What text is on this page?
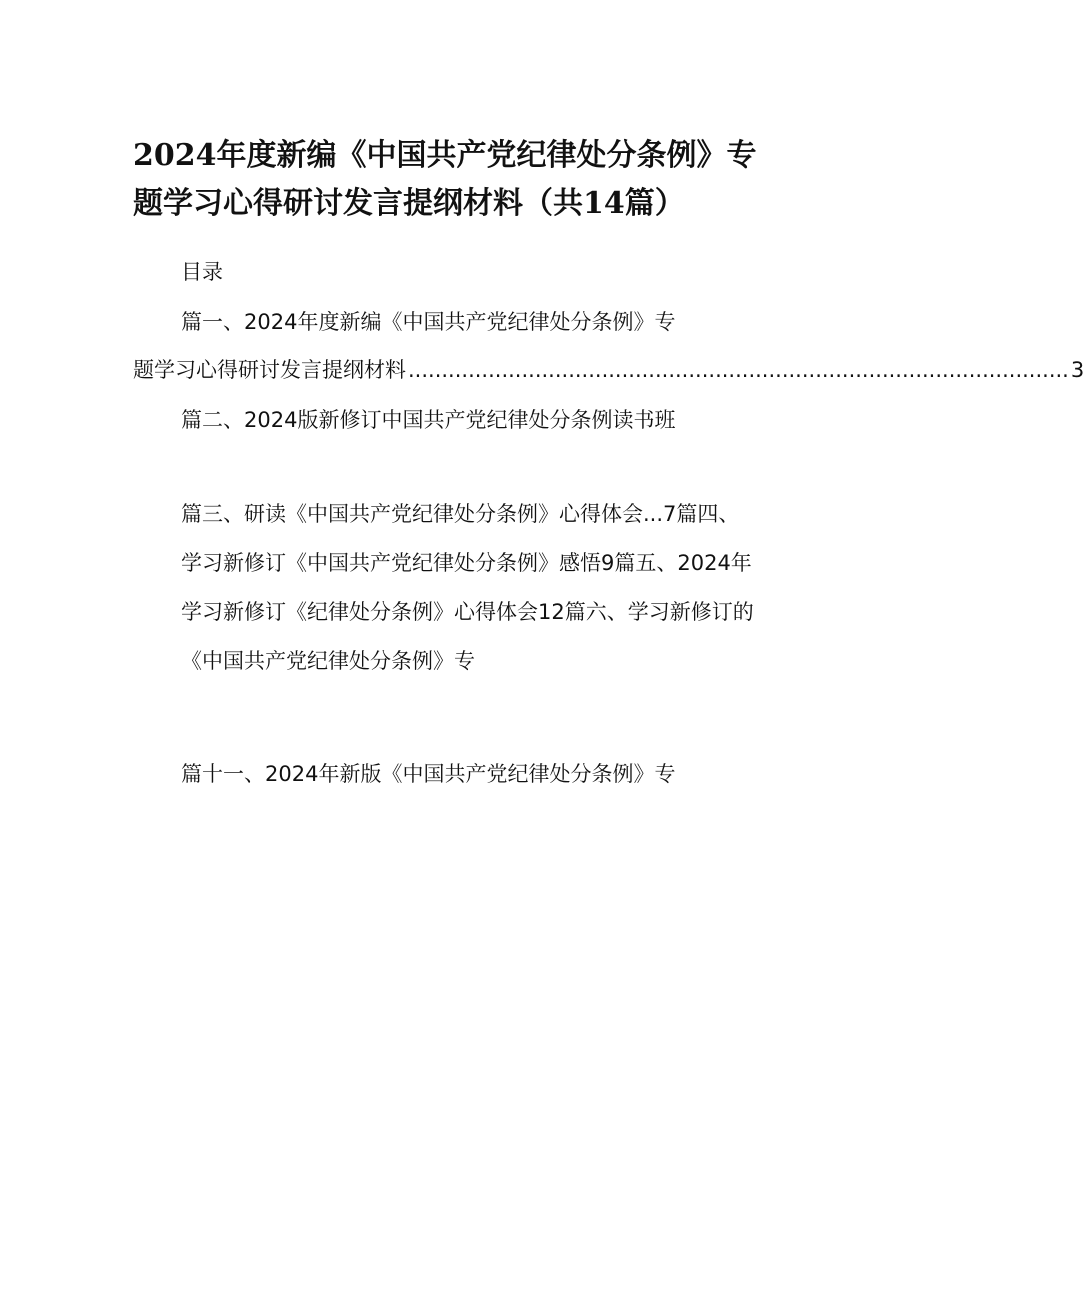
2024年度新编《中国共产党纪律处分条例》专
题学习心得研讨发言提纲材料（共14篇）

目录

篇一、2024年度新编《中国共产党纪律处分条例》专

题学习心得研讨发言提纲材料 ................................................................................................... 3

篇二、2024版新修订中国共产党纪律处分条例读书班

篇三、研读《中国共产党纪律处分条例》心得体会...7篇四、

学习新修订《中国共产党纪律处分条例》感悟9篇五、2024年

学习新修订《纪律处分条例》心得体会12篇六、学习新修订的

《中国共产党纪律处分条例》专

篇十一、2024年新版《中国共产党纪律处分条例》专
